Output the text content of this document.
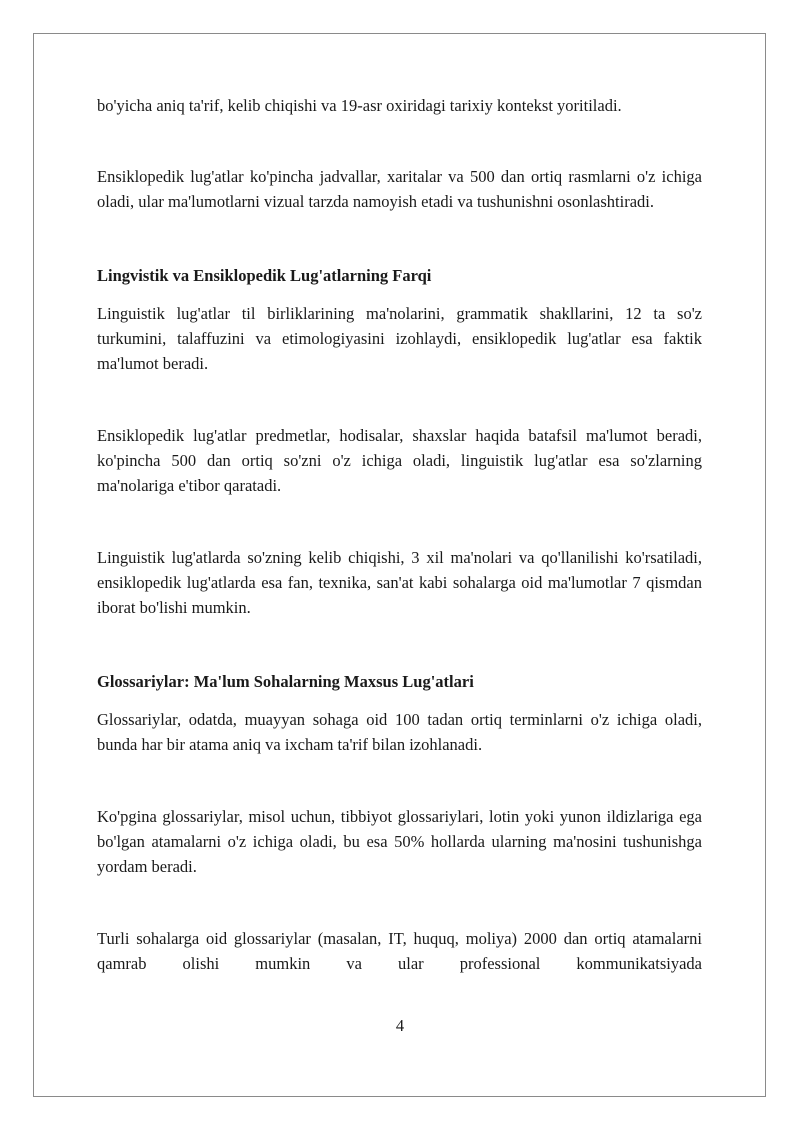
bo'yicha aniq ta'rif, kelib chiqishi va 19-asr oxiridagi tarixiy kontekst yoritiladi.

Ensiklopedik lug'atlar ko'pincha jadvallar, xaritalar va 500 dan ortiq rasmlarni o'z ichiga oladi, ular ma'lumotlarni vizual tarzda namoyish etadi va tushunishni osonlashtiradi.

Lingvistik va Ensiklopedik Lug'atlarning Farqi

Linguistik lug'atlar til birliklarining ma'nolarini, grammatik shakllarini, 12 ta so'z turkumini, talaffuzini va etimologiyasini izohlaydi, ensiklopedik lug'atlar esa faktik ma'lumot beradi.

Ensiklopedik lug'atlar predmetlar, hodisalar, shaxslar haqida batafsil ma'lumot beradi, ko'pincha 500 dan ortiq so'zni o'z ichiga oladi, linguistik lug'atlar esa so'zlarning ma'nolariga e'tibor qaratadi.

Linguistik lug'atlarda so'zning kelib chiqishi, 3 xil ma'nolari va qo'llanilishi ko'rsatiladi, ensiklopedik lug'atlarda esa fan, texnika, san'at kabi sohalarga oid ma'lumotlar 7 qismdan iborat bo'lishi mumkin.

Glossariylar: Ma'lum Sohalarning Maxsus Lug'atlari

Glossariylar, odatda, muayyan sohaga oid 100 tadan ortiq terminlarni o'z ichiga oladi, bunda har bir atama aniq va ixcham ta'rif bilan izohlanadi.

Ko'pgina glossariylar, misol uchun, tibbiyot glossariylari, lotin yoki yunon ildizlariga ega bo'lgan atamalarni o'z ichiga oladi, bu esa 50% hollarda ularning ma'nosini tushunishga yordam beradi.

Turli sohalarga oid glossariylar (masalan, IT, huquq, moliya) 2000 dan ortiq atamalarni qamrab olishi mumkin va ular professional kommunikatsiyada

4
